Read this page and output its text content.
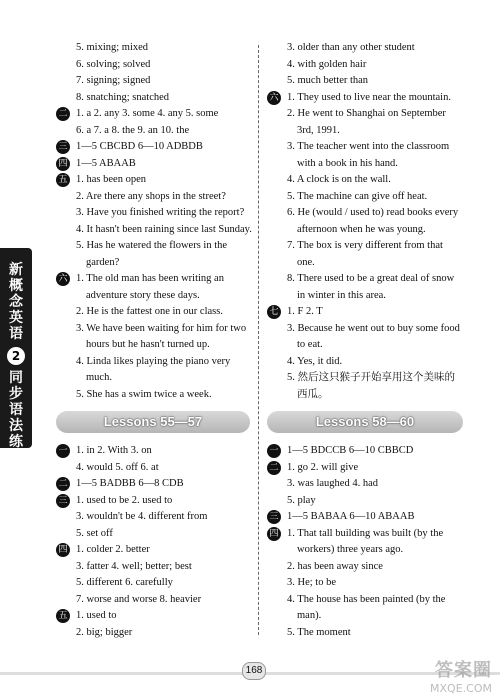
新
概
念
英
语
2
同
步
语
法
练
习
5. mixing; mixed
6. solving; solved
7. signing; signed
8. snatching; snatched
二 1. a 2. any 3. some 4. any 5. some
6. a 7. a 8. the 9. an 10. the
三 1—5 CBCBD 6—10 ADBDB
四 1—5 ABAAB
五 1. has been open
2. Are there any shops in the street?
3. Have you finished writing the report?
4. It hasn't been raining since last Sunday.
5. Has he watered the flowers in the
garden?
六 1. The old man has been writing an
adventure story these days.
2. He is the fattest one in our class.
3. We have been waiting for him for two
hours but he hasn't turned up.
4. Linda likes playing the piano very
much.
5. She has a swim twice a week.
Lessons 55—57
一 1. in 2. With 3. on
4. would 5. off 6. at
二 1—5 BADBB 6—8 CDB
三 1. used to be 2. used to
3. wouldn't be 4. different from
5. set off
四 1. colder 2. better
3. fatter 4. well; better; best
5. different 6. carefully
7. worse and worse 8. heavier
五 1. used to
2. big; bigger
3. older than any other student
4. with golden hair
5. much better than
六 1. They used to live near the mountain.
2. He went to Shanghai on September
3rd, 1991.
3. The teacher went into the classroom
with a book in his hand.
4. A clock is on the wall.
5. The machine can give off heat.
6. He (would / used to) read books every
afternoon when he was young.
7. The box is very different from that
one.
8. There used to be a great deal of snow
in winter in this area.
七 1. F 2. T
3. Because he went out to buy some food
to eat.
4. Yes, it did.
5. 然后这只猴子开始享用这个美味的
西瓜。
Lessons 58—60
一 1—5 BDCCB 6—10 CBBCD
二 1. go 2. will give
3. was laughed 4. had
5. play
三 1—5 BABAA 6—10 ABAAB
四 1. That tall building was built (by the
workers) three years ago.
2. has been away since
3. He; to be
4. The house has been painted (by the
man).
5. The moment
168	答案圈
MXQE.COM
